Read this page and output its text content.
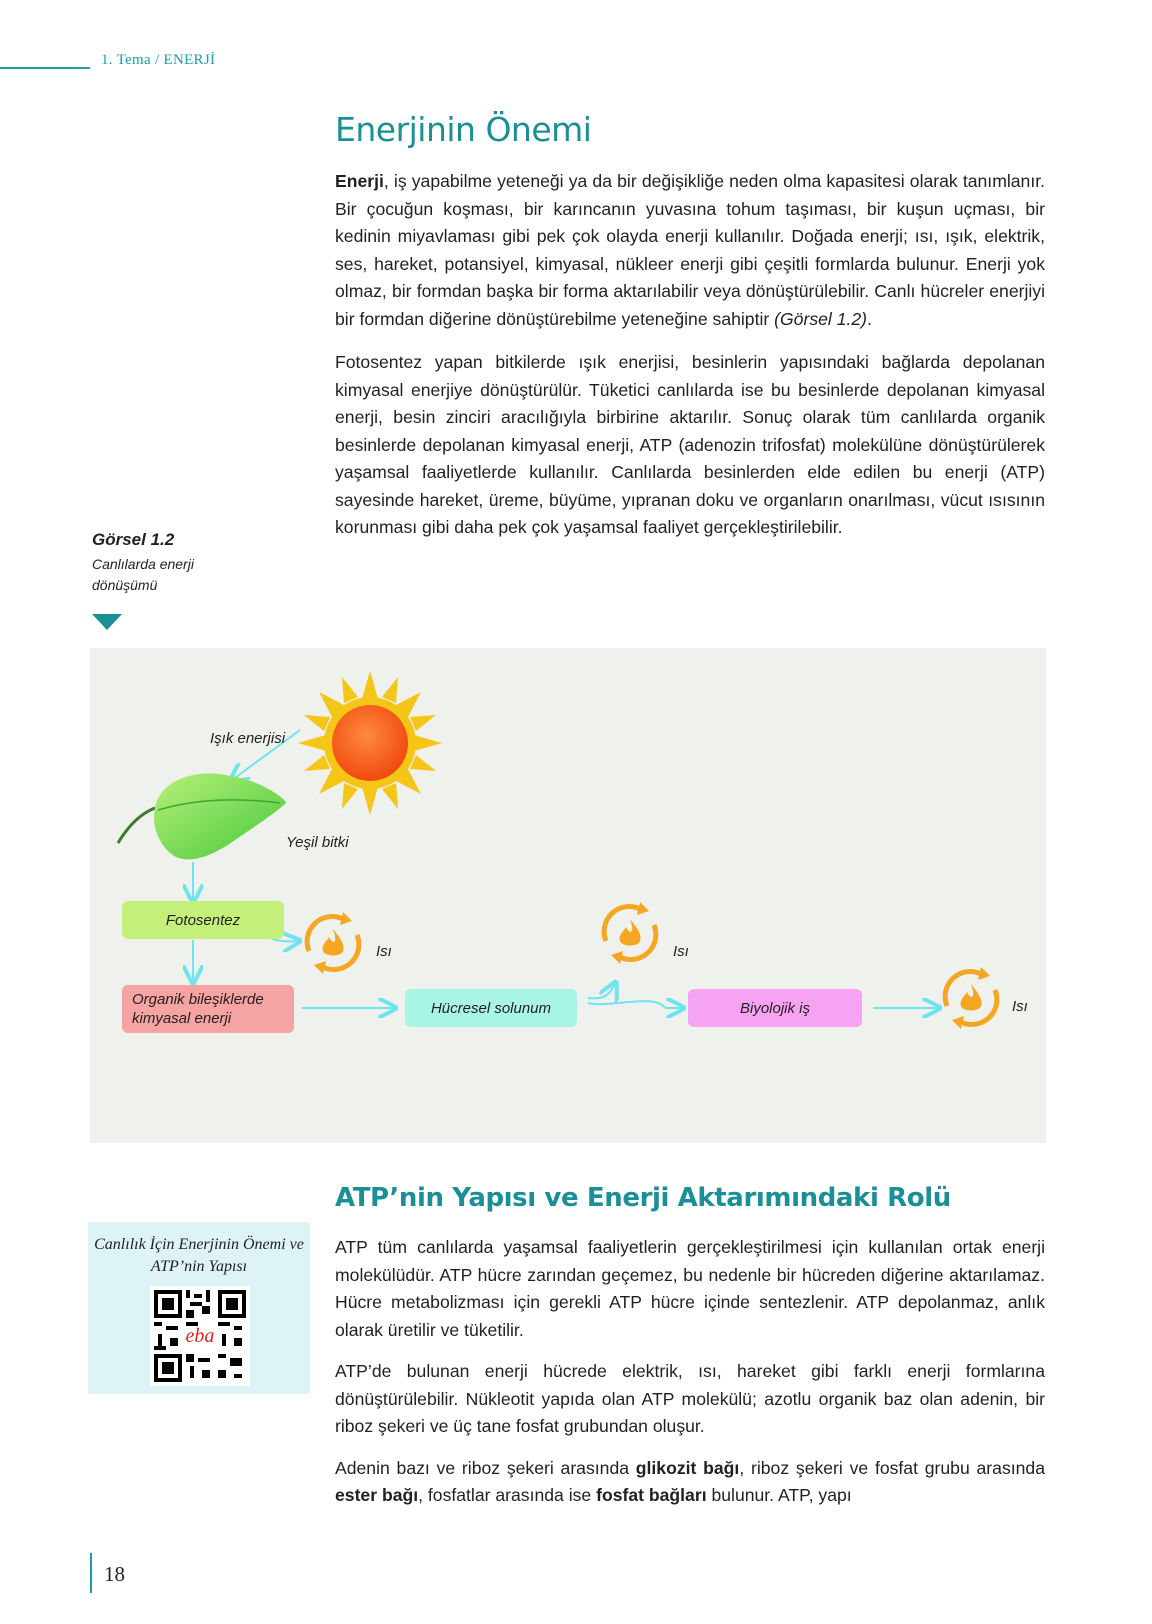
1. Tema / ENERJİ
Enerjinin Önemi

Enerji, iş yapabilme yeteneği ya da bir değişikliğe neden olma kapasitesi olarak tanımlanır. Bir çocuğun koşması, bir karıncanın yuvasına tohum taşıması, bir kuşun uçması, bir kedinin miyavlaması gibi pek çok olayda enerji kullanılır. Doğada enerji; ısı, ışık, elektrik, ses, hareket, potansiyel, kimyasal, nükleer enerji gibi çeşitli formlarda bulunur. Enerji yok olmaz, bir formdan başka bir forma aktarılabilir veya dönüştürülebilir. Canlı hücreler enerjiyi bir formdan diğerine dönüştürebilme yeteneğine sahiptir (Görsel 1.2).

Fotosentez yapan bitkilerde ışık enerjisi, besinlerin yapısındaki bağlarda depolanan kimyasal enerjiye dönüştürülür. Tüketici canlılarda ise bu besinlerde depolanan kimyasal enerji, besin zinciri aracılığıyla birbirine aktarılır. Sonuç olarak tüm canlılarda organik besinlerde depolanan kimyasal enerji, ATP (adenozin trifosfat) molekülüne dönüştürülerek yaşamsal faaliyetlerde kullanılır. Canlılarda besinlerden elde edilen bu enerji (ATP) sayesinde hareket, üreme, büyüme, yıpranan doku ve organların onarılması, vücut ısısının korunması gibi daha pek çok yaşamsal faaliyet gerçekleştirilebilir.

Görsel 1.2
Canlılarda enerji dönüşümü
Işık enerjisi
Yeşil bitki
Fotosentez
Organik bileşiklerde kimyasal enerji
Hücresel solunum	Biyolojik iş
Isı	Isı
Isı
ATP’nin Yapısı ve Enerji Aktarımındaki Rolü

ATP tüm canlılarda yaşamsal faaliyetlerin gerçekleştirilmesi için kullanılan ortak enerji molekülüdür. ATP hücre zarından geçemez, bu nedenle bir hücreden diğerine aktarılamaz. Hücre metabolizması için gerekli ATP hücre içinde sentezlenir. ATP depolanmaz, anlık olarak üretilir ve tüketilir.

ATP’de bulunan enerji hücrede elektrik, ısı, hareket gibi farklı enerji formlarına dönüştürülebilir. Nükleotit yapıda olan ATP molekülü; azotlu organik baz olan adenin, bir riboz şekeri ve üç tane fosfat grubundan oluşur.

Adenin bazı ve riboz şekeri arasında glikozit bağı, riboz şekeri ve fosfat grubu arasında ester bağı, fosfatlar arasında ise fosfat bağları bulunur. ATP, yapı

Canlılık İçin Enerjinin Önemi ve ATP’nin Yapısı
eba
18
